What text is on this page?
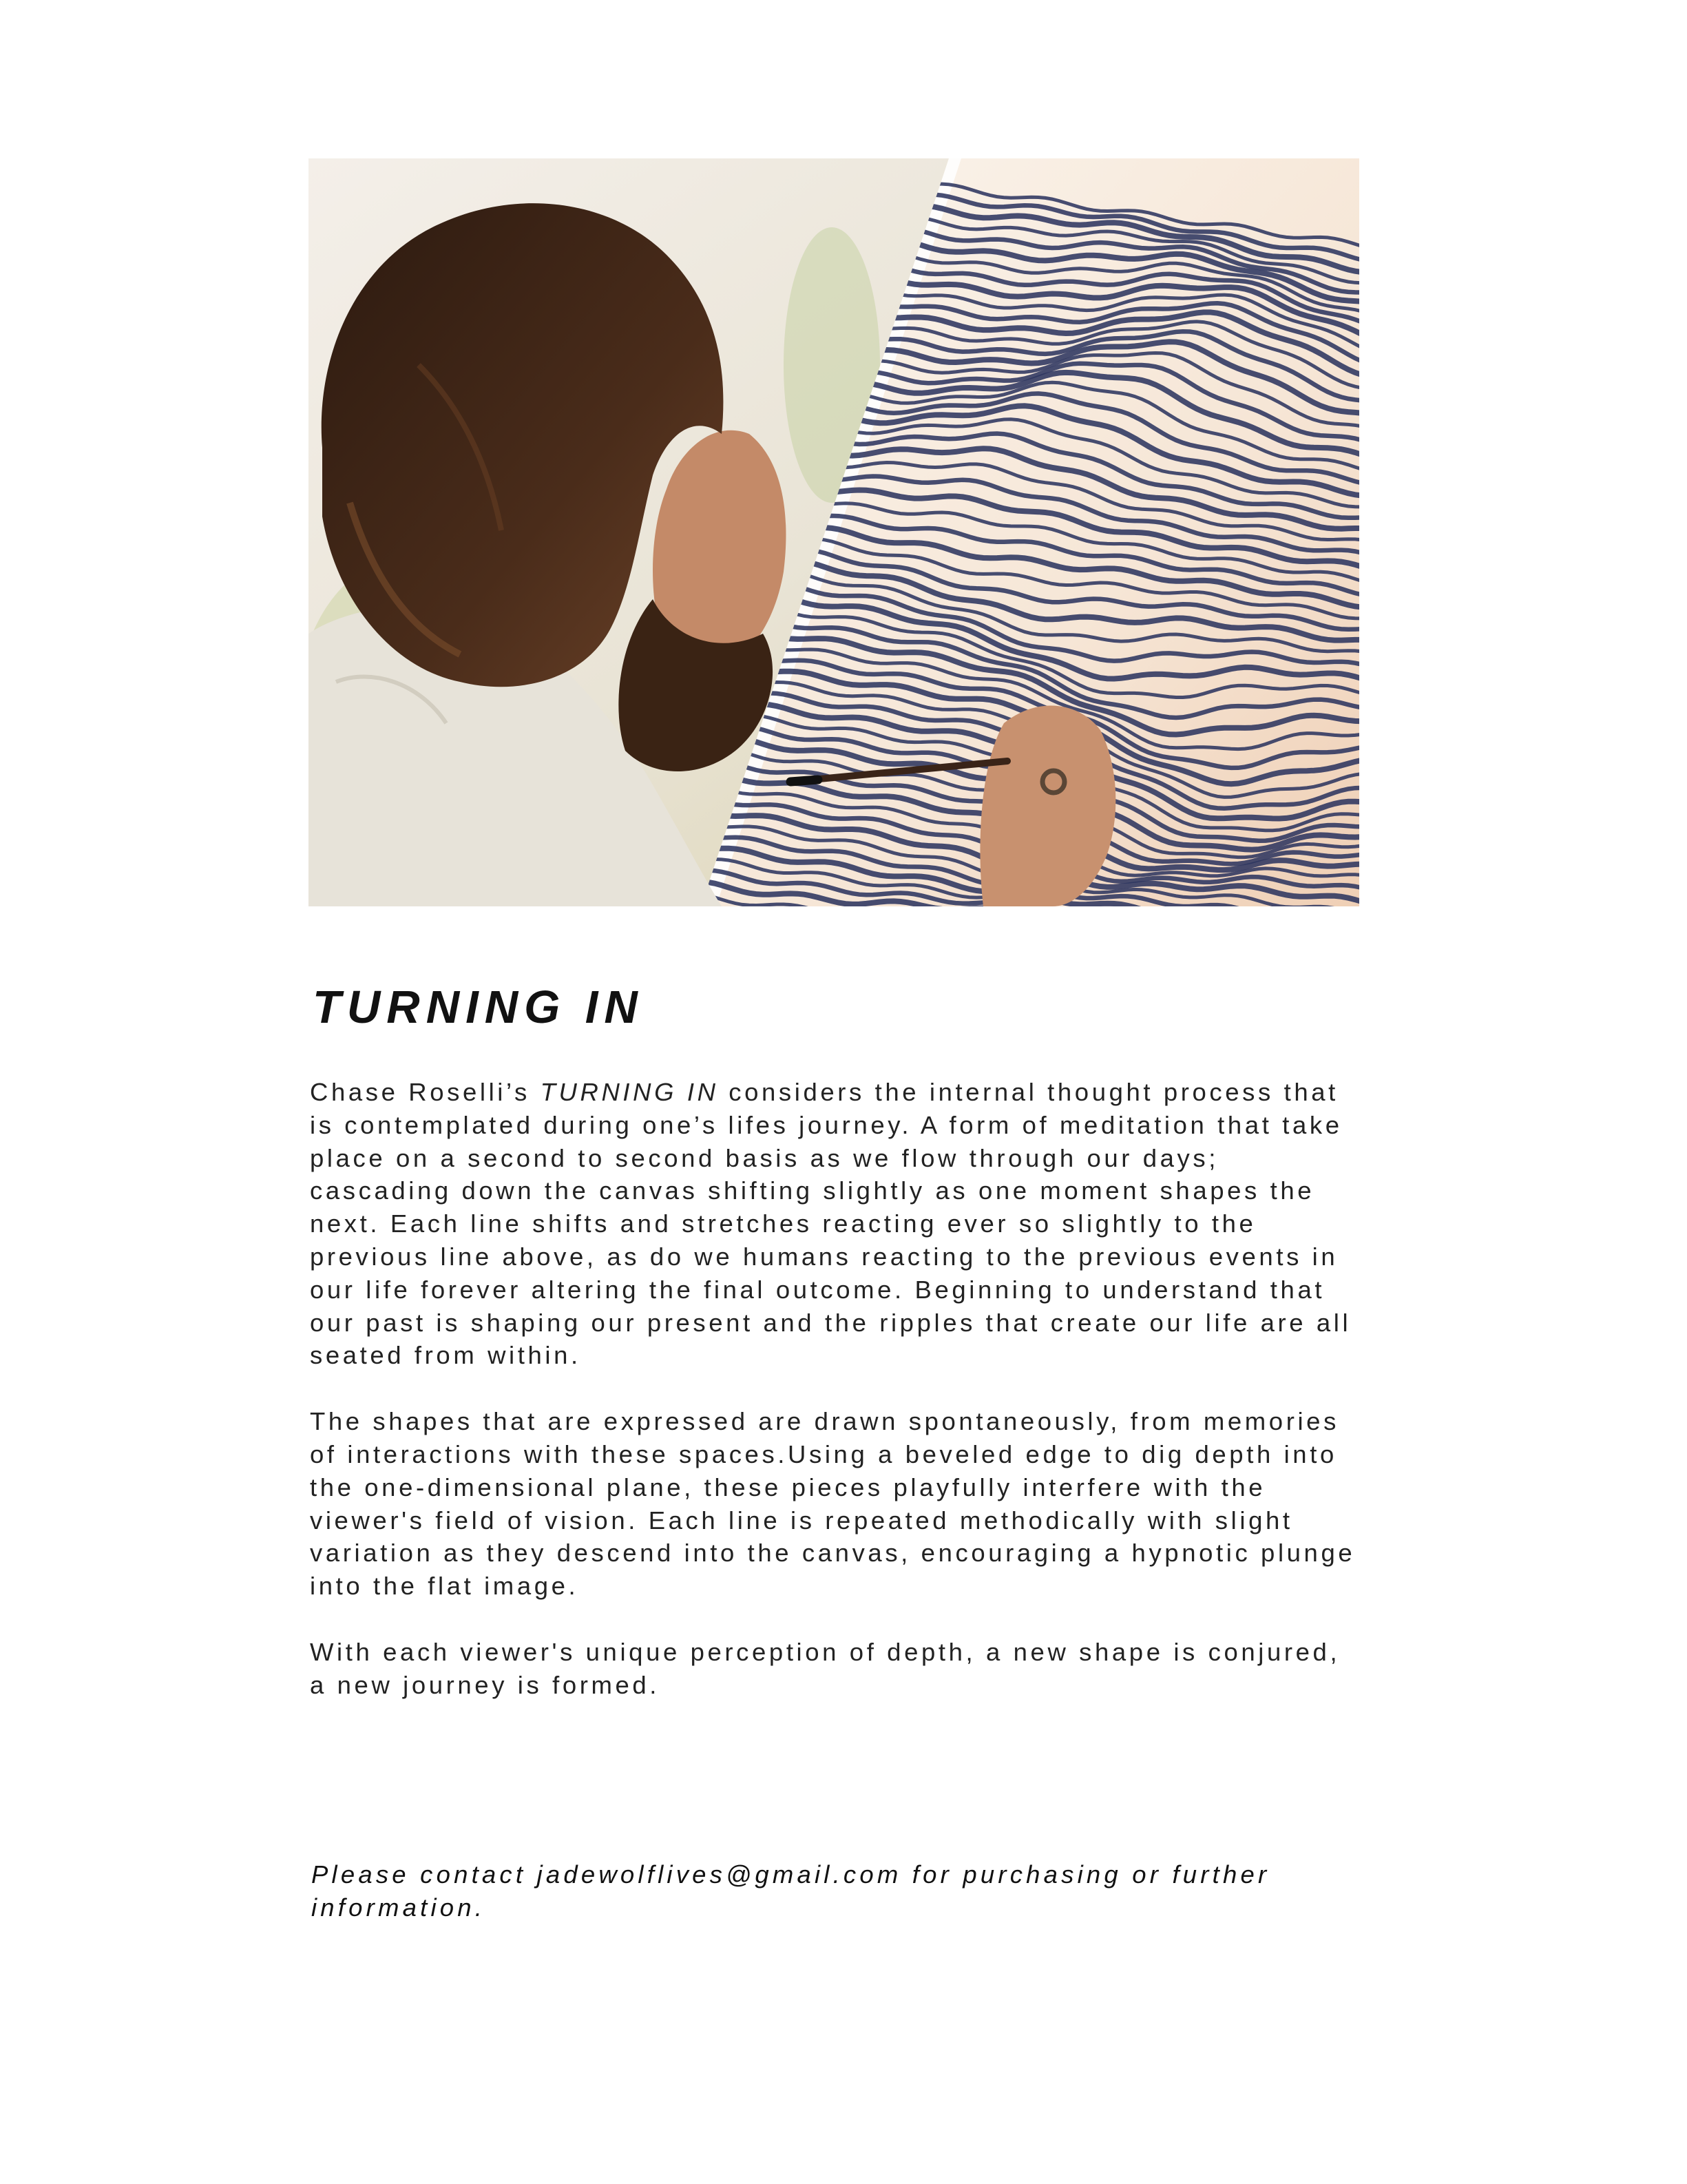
TURNING IN

Chase Roselli’s TURNING IN considers the internal thought process that is contemplated during one’s lifes journey. A form of meditation that take place on a second to second basis as we flow through our days; cascading down the canvas shifting slightly as one moment shapes the next. Each line shifts and stretches reacting ever so slightly to the previous line above, as do we humans reacting to the previous events in our life forever altering the final outcome. Beginning to understand that our past is shaping our present and the ripples that create our life are all seated from within.

The shapes that are expressed are drawn spontaneously, from memories of interactions with these spaces.Using a beveled edge to dig depth into the one-dimensional plane, these pieces playfully interfere with the viewer's field of vision. Each line is repeated methodically with slight variation as they descend into the canvas, encouraging a hypnotic plunge into the flat image.

With each viewer's unique perception of depth, a new shape is conjured, a new journey is formed.

Please contact jadewolflives@gmail.com for purchasing or further information.
